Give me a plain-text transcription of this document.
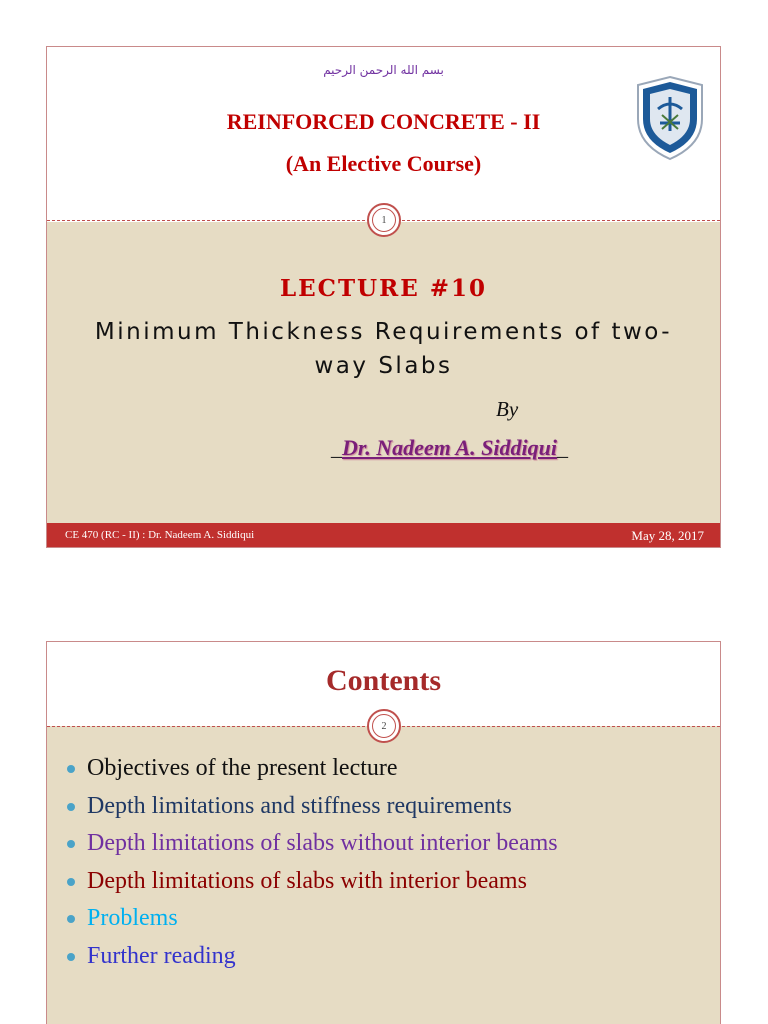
بسم الله الرحمن الرحيم
REINFORCED CONCRETE - II
(An Elective Course)
1
LECTURE #10
Minimum Thickness Requirements of two-way Slabs
By
_Dr. Nadeem A. Siddiqui_
CE 470 (RC - II) : Dr. Nadeem A. Siddiqui	May 28, 2017
Contents
2
Objectives of the present lecture
Depth limitations and stiffness requirements
Depth limitations of slabs without interior beams
Depth limitations of slabs with interior beams
Problems
Further reading
